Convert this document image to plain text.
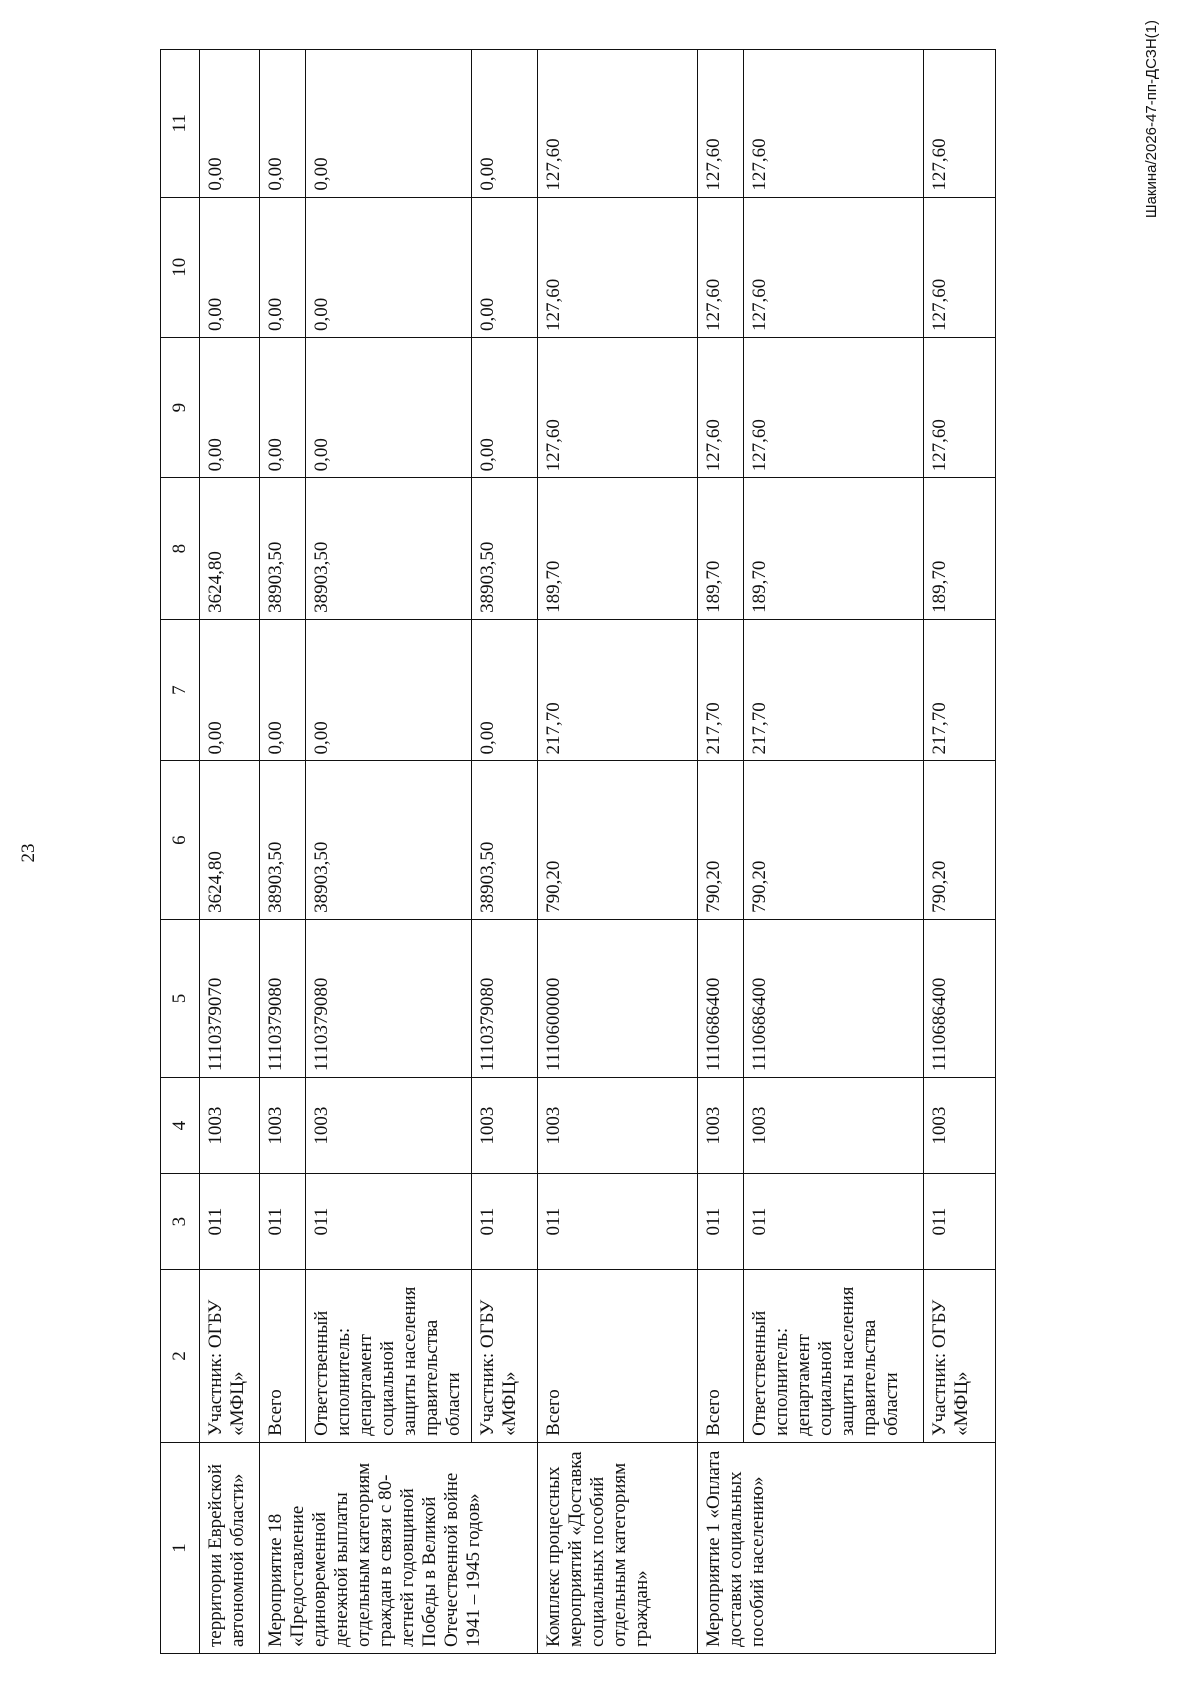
23
1	2	3	4	5	6	7	8	9	10	11
территории Еврейской автономной области»	Участник: ОГБУ «МФЦ»	011	1003	1110379070	3624,80	0,00	3624,80	0,00	0,00	0,00
Мероприятие 18 «Предоставление единовременной денежной выплаты отдельным категориям граждан в связи с 80-летней годовщиной Победы в Великой Отечественной войне 1941 – 1945 годов»	Всего	011	1003	1110379080	38903,50	0,00	38903,50	0,00	0,00	0,00
	Ответственный исполнитель: департамент социальной защиты населения правительства области	011	1003	1110379080	38903,50	0,00	38903,50	0,00	0,00	0,00
	Участник: ОГБУ «МФЦ»	011	1003	1110379080	38903,50	0,00	38903,50	0,00	0,00	0,00
Комплекс процессных мероприятий «Доставка социальных пособий отдельным категориям граждан»	Всего	011	1003	1110600000	790,20	217,70	189,70	127,60	127,60	127,60
Мероприятие 1 «Оплата доставки социальных пособий населению»	Всего	011	1003	1110686400	790,20	217,70	189,70	127,60	127,60	127,60
	Ответственный исполнитель: департамент социальной защиты населения правительства области	011	1003	1110686400	790,20	217,70	189,70	127,60	127,60	127,60
	Участник: ОГБУ «МФЦ»	011	1003	1110686400	790,20	217,70	189,70	127,60	127,60	127,60	Шакина/2026-47-пп-ДСЗН(1)
